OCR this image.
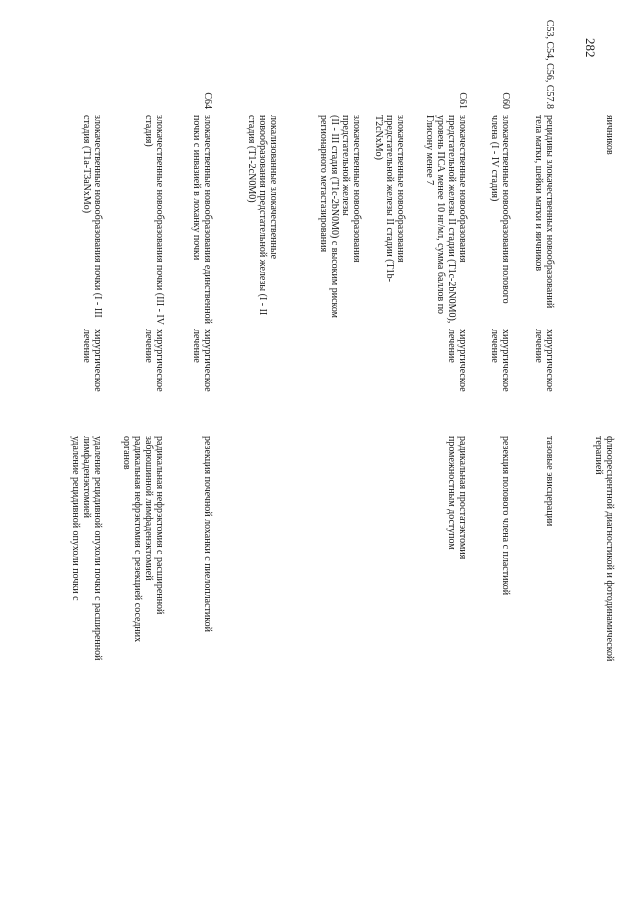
282
яичников
флюоресцентной диагностикой и фотодинамической терапией
С53, С54, С56, С57.8
рецидивы злокачественных новообразований тела матки, шейки матки и яичников
хирургическое лечение
тазовые эвисцерации
С60
злокачественные новообразования полового члена (I - IV стадия)
хирургическое лечение
резекция полового члена с пластикой
С61
злокачественные новообразования предстательной железы II стадии (T1c-2bN0M0), уровень ПСА менее 10 нг/мл, сумма баллов по Глисону менее 7
хирургическое лечение
радикальная простатэктомия промежностным доступом
злокачественные новообразования предстательной железы II стадии (T1b-T2cNxMo)
злокачественные новообразования предстательной железы
(II - III стадия (T1c-2bN0M0) с высоким риском регионарного метастазирования
локализованные злокачественные новообразования предстательной железы (I - II стадия (T1-2cN0M0)
С64
злокачественные новообразования единственной почки с инвазией в лоханку почки
хирургическое лечение
резекция почечной лоханки с пиелопластикой
злокачественные новообразования почки (III - IV стадия)
хирургическое лечение
радикальная нефрэктомия с расширенной забрюшинной лимфаденэктомией
радикальная нефрэктомия с резекцией соседних органов
злокачественные новообразования почки (I - III стадия (T1a-T3aNxMo)
хирургическое лечение
удаление рецидивной опухоли почки с расширенной лимфаденэктомией
удаление рецидивной опухоли почки с
